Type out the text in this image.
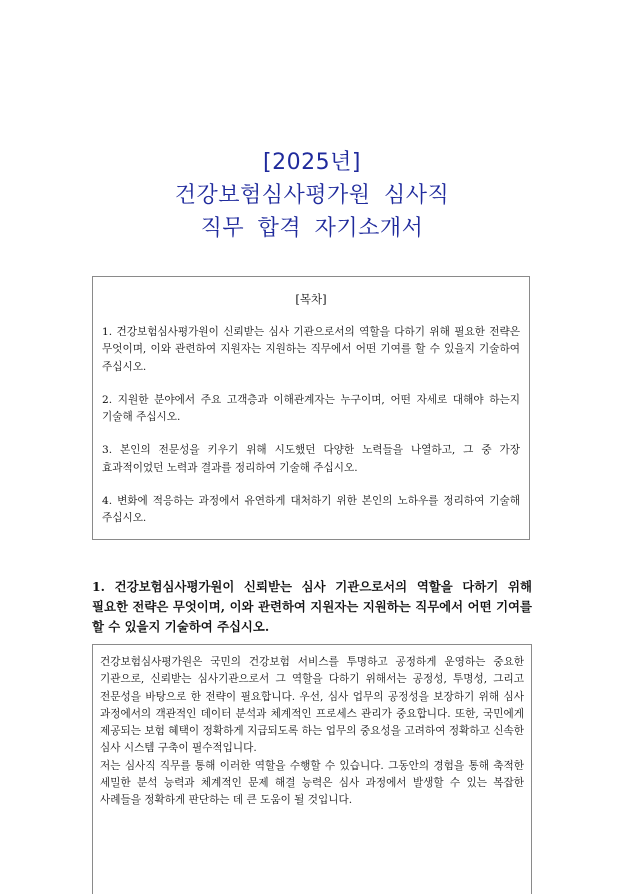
[2025년]
건강보험심사평가원 심사직
직무 합격 자기소개서
[목차]
1. 건강보험심사평가원이 신뢰받는 심사 기관으로서의 역할을 다하기 위해 필요한 전략은 무엇이며, 이와 관련하여 지원자는 지원하는 직무에서 어떤 기여를 할 수 있을지 기술하여 주십시오.
2. 지원한 분야에서 주요 고객층과 이해관계자는 누구이며, 어떤 자세로 대해야 하는지 기술해 주십시오.
3. 본인의 전문성을 키우기 위해 시도했던 다양한 노력들을 나열하고, 그 중 가장 효과적이었던 노력과 결과를 정리하여 기술해 주십시오.
4. 변화에 적응하는 과정에서 유연하게 대처하기 위한 본인의 노하우를 정리하여 기술해 주십시오.
1. 건강보험심사평가원이 신뢰받는 심사 기관으로서의 역할을 다하기 위해 필요한 전략은 무엇이며, 이와 관련하여 지원자는 지원하는 직무에서 어떤 기여를 할 수 있을지 기술하여 주십시오.

건강보험심사평가원은 국민의 건강보험 서비스를 투명하고 공정하게 운영하는 중요한 기관으로, 신뢰받는 심사기관으로서 그 역할을 다하기 위해서는 공정성, 투명성, 그리고 전문성을 바탕으로 한 전략이 필요합니다. 우선, 심사 업무의 공정성을 보장하기 위해 심사 과정에서의 객관적인 데이터 분석과 체계적인 프로세스 관리가 중요합니다. 또한, 국민에게 제공되는 보험 혜택이 정확하게 지급되도록 하는 업무의 중요성을 고려하여 정확하고 신속한 심사 시스템 구축이 필수적입니다.

저는 심사직 직무를 통해 이러한 역할을 수행할 수 있습니다. 그동안의 경험을 통해 축적한 세밀한 분석 능력과 체계적인 문제 해결 능력은 심사 과정에서 발생할 수 있는 복잡한 사례들을 정확하게 판단하는 데 큰 도움이 될 것입니다.
